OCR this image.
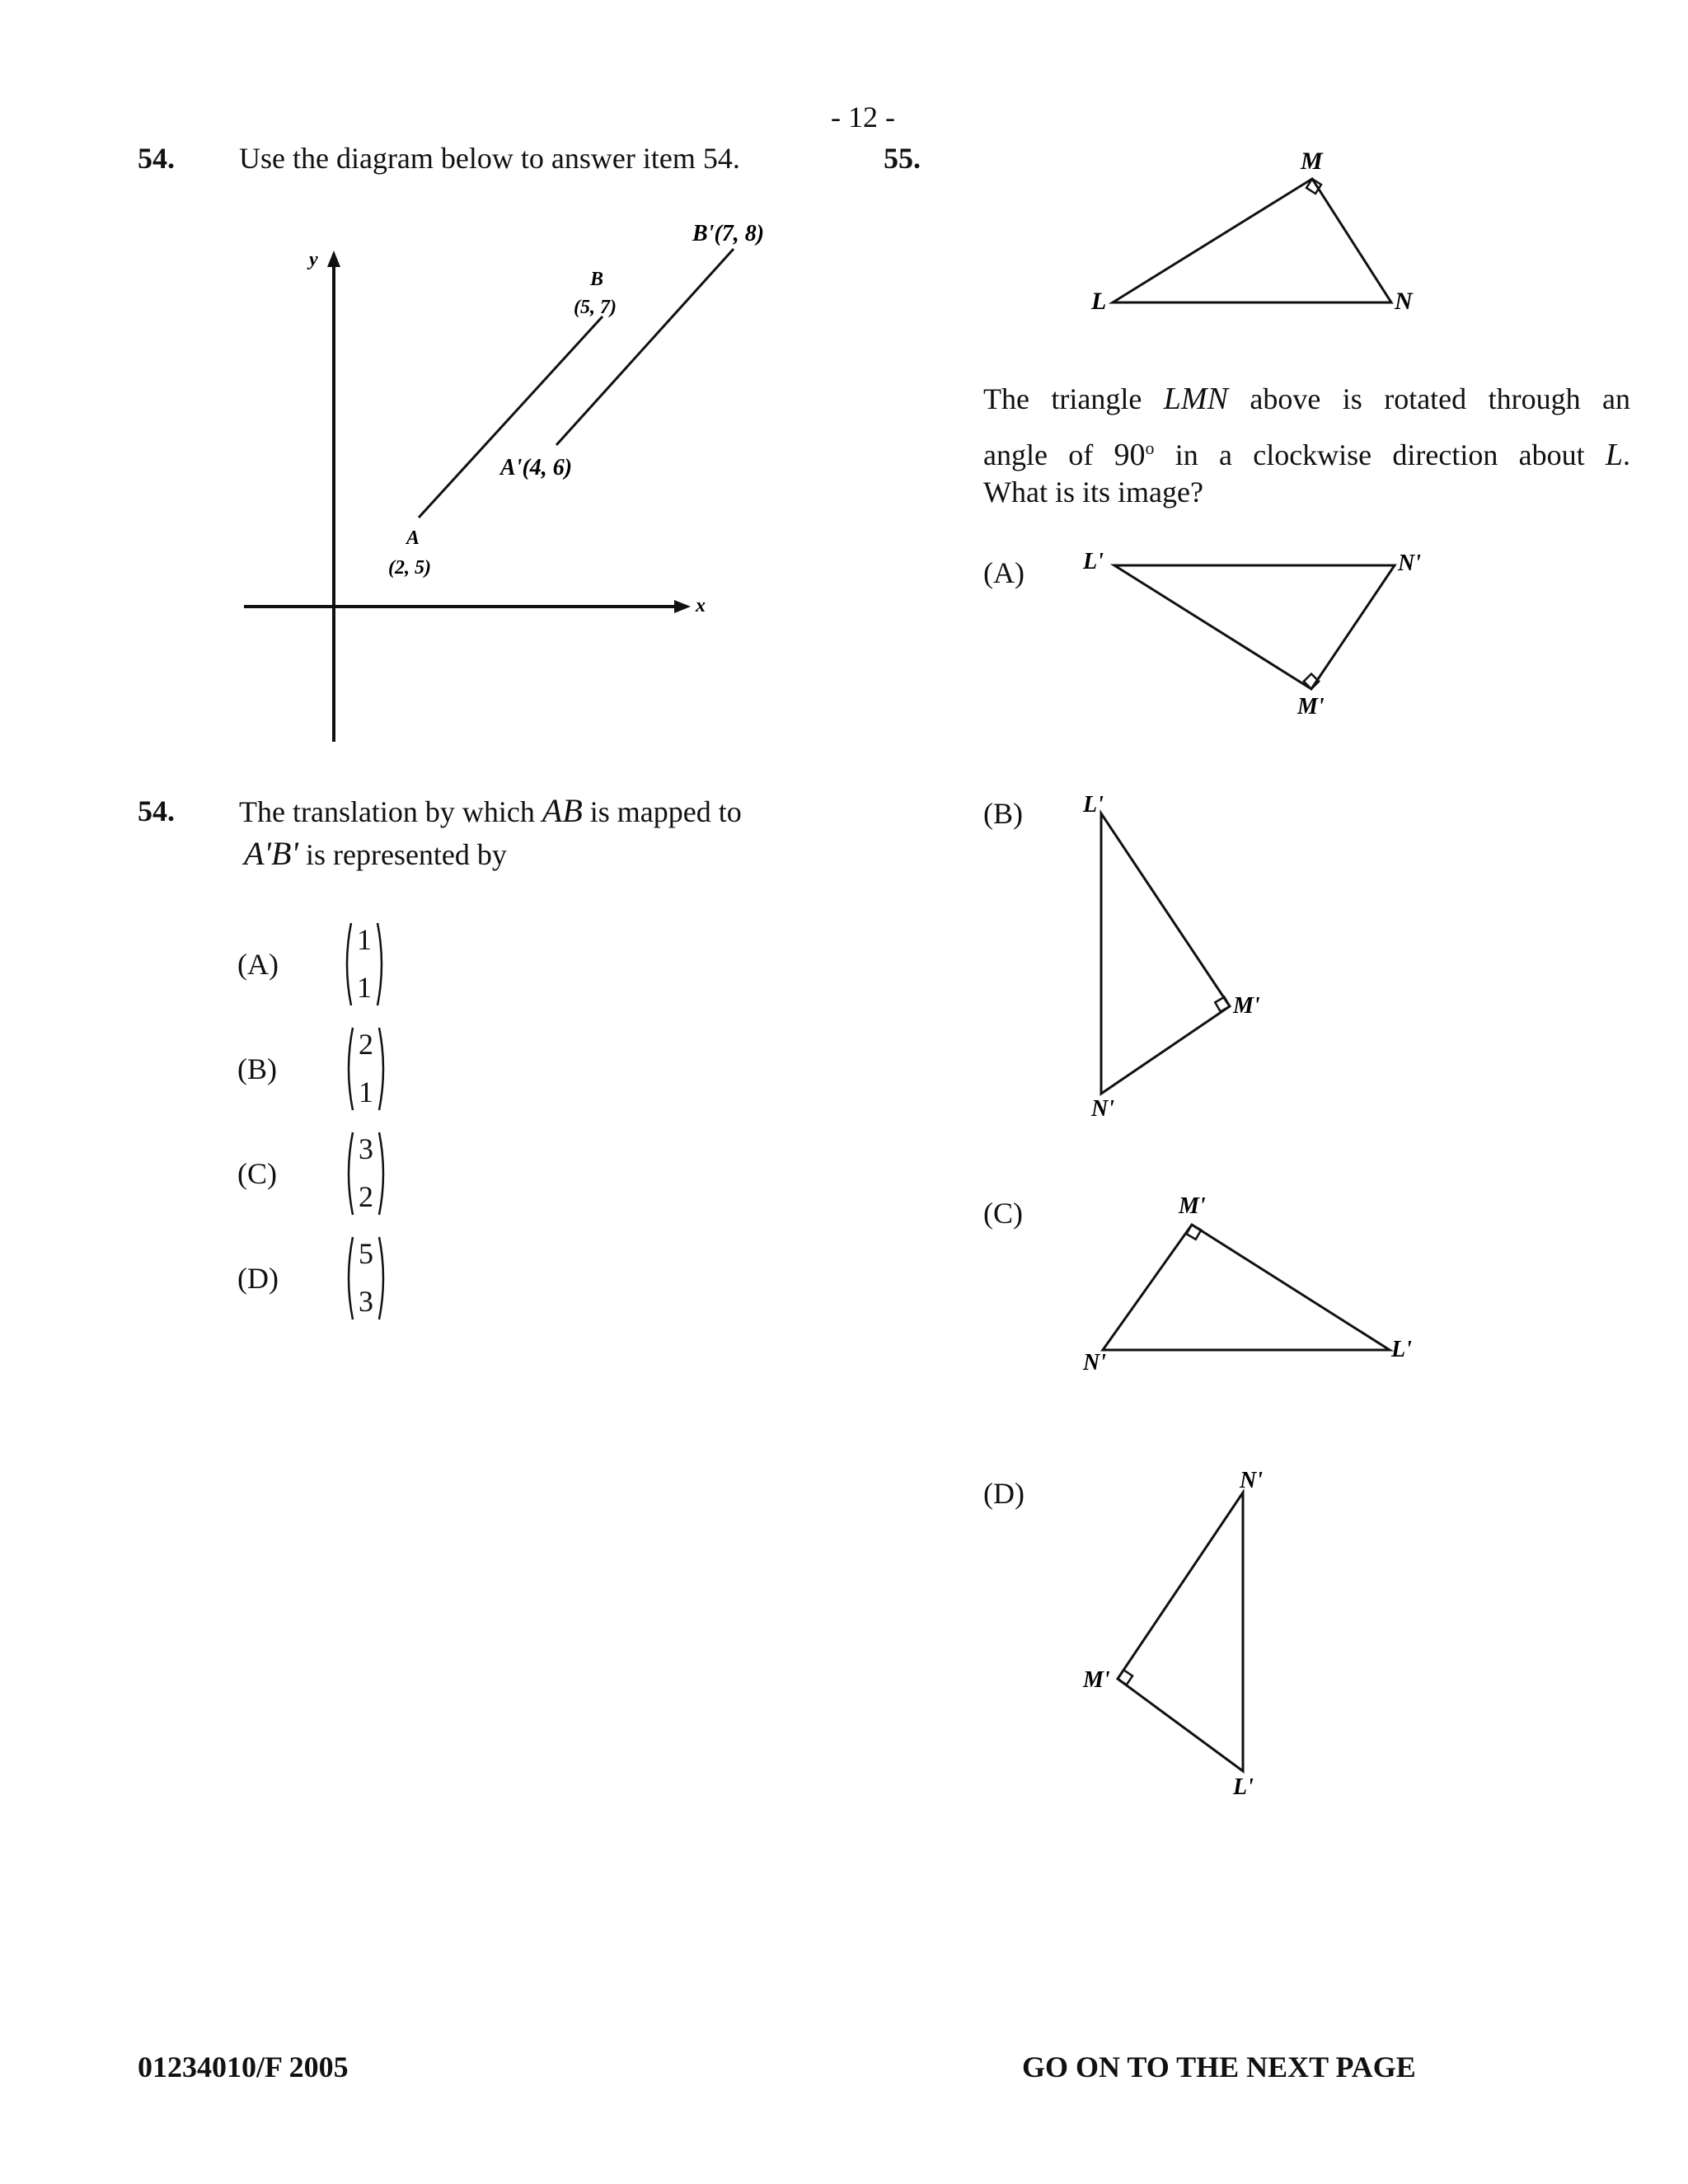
- 12 -
54. Use the diagram below to answer item 54.
y
x
A
(2, 5)
B
(5, 7)
A'(4, 6)
B'(7, 8)
54. The translation by which AB is mapped to
A'B' is represented by
(A)
1
1
(B)
2
1
(C)
3
2
(D)
5
3
55.	M
L	N
The triangle LMN above is rotated through an
angle of 90$^o$ in a clockwise direction about L.
What is its image?
(A)	L'	N'
M'
(B)	L'
M'
N'
(C)	M'
N'
L'
(D)	N'
M'
L'
01234010/F 2005	GO ON TO THE NEXT PAGE
